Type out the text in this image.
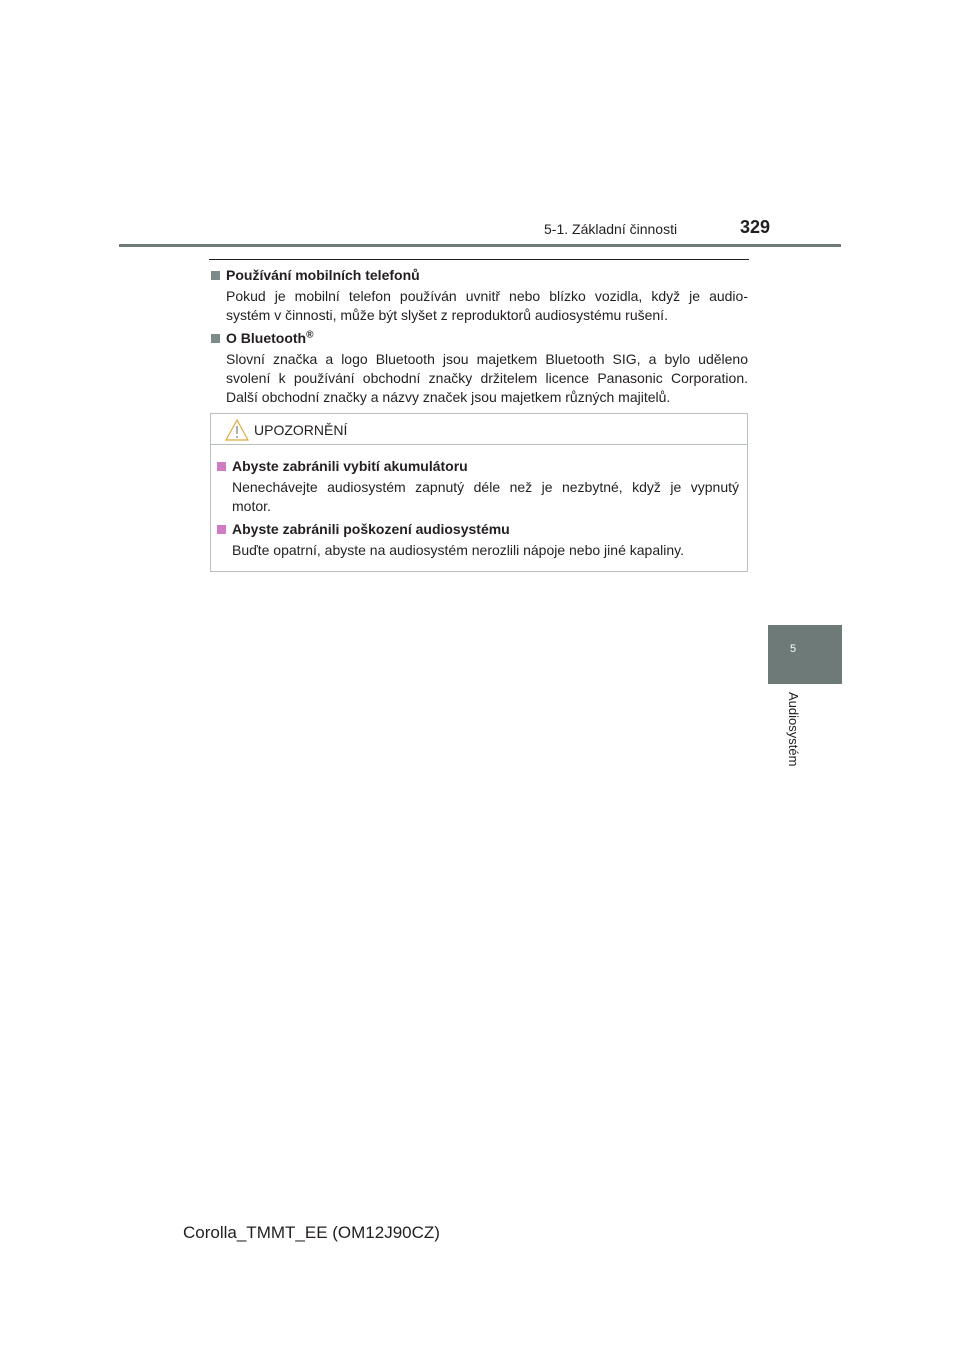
5-1. Základní činnosti	329
Používání mobilních telefonů
Pokud je mobilní telefon používán uvnitř nebo blízko vozidla, když je audio-
systém v činnosti, může být slyšet z reproduktorů audiosystému rušení.
O Bluetooth®
Slovní značka a logo Bluetooth jsou majetkem Bluetooth SIG, a bylo uděleno
svolení k používání obchodní značky držitelem licence Panasonic Corporation.
Další obchodní značky a názvy značek jsou majetkem různých majitelů.
UPOZORNĚNÍ
Abyste zabránili vybití akumulátoru
Nenechávejte audiosystém zapnutý déle než je nezbytné, když je vypnutý
motor.
Abyste zabránili poškození audiosystému
Buďte opatrní, abyste na audiosystém nerozlili nápoje nebo jiné kapaliny.
5
Audiosystém
Corolla_TMMT_EE (OM12J90CZ)
